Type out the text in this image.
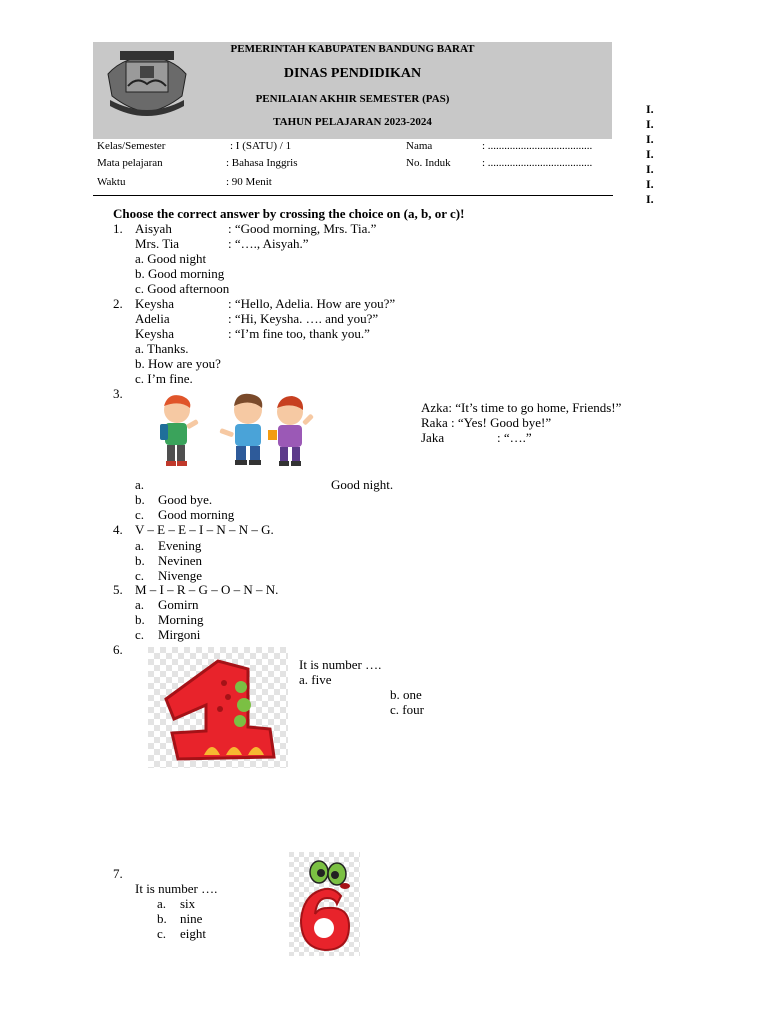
PEMERINTAH KABUPATEN BANDUNG BARAT
DINAS PENDIDIKAN
PENILAIAN AKHIR SEMESTER (PAS)
TAHUN PELAJARAN 2023-2024
Kelas/Semester	: I (SATU) / 1	Nama	: ......................................
Mata pelajaran	: Bahasa Inggris	No. Induk	: ......................................
Waktu	: 90 Menit
I.
I.
I.
I.
I.
I.
I.
Choose the correct answer by crossing the choice on (a, b, or c)!
1. Aisyah	: “Good morning, Mrs. Tia.”
Mrs. Tia	: “…., Aisyah.”
a. Good night
b. Good morning
c. Good afternoon
2. Keysha	: “Hello, Adelia. How are you?”
Adelia	: “Hi, Keysha. …. and you?”
Keysha	: “I’m fine too, thank you.”
a. Thanks.
b. How are you?
c. I’m fine.
3.
Azka: “It’s time to go home, Friends!”
Raka : “Yes! Good bye!”
Jaka	: “….”
a.	Good night.
b. Good bye.
c. Good morning
4. V – E – E – I – N – N – G.
a. Evening
b. Nevinen
c. Nivenge
5. M – I – R – G – O – N – N.
a. Gomirn
b. Morning
c. Mirgoni
6.
It is number ….
a. five
b. one
c. four
7.
It is number ….
a. six
b. nine
c. eight
